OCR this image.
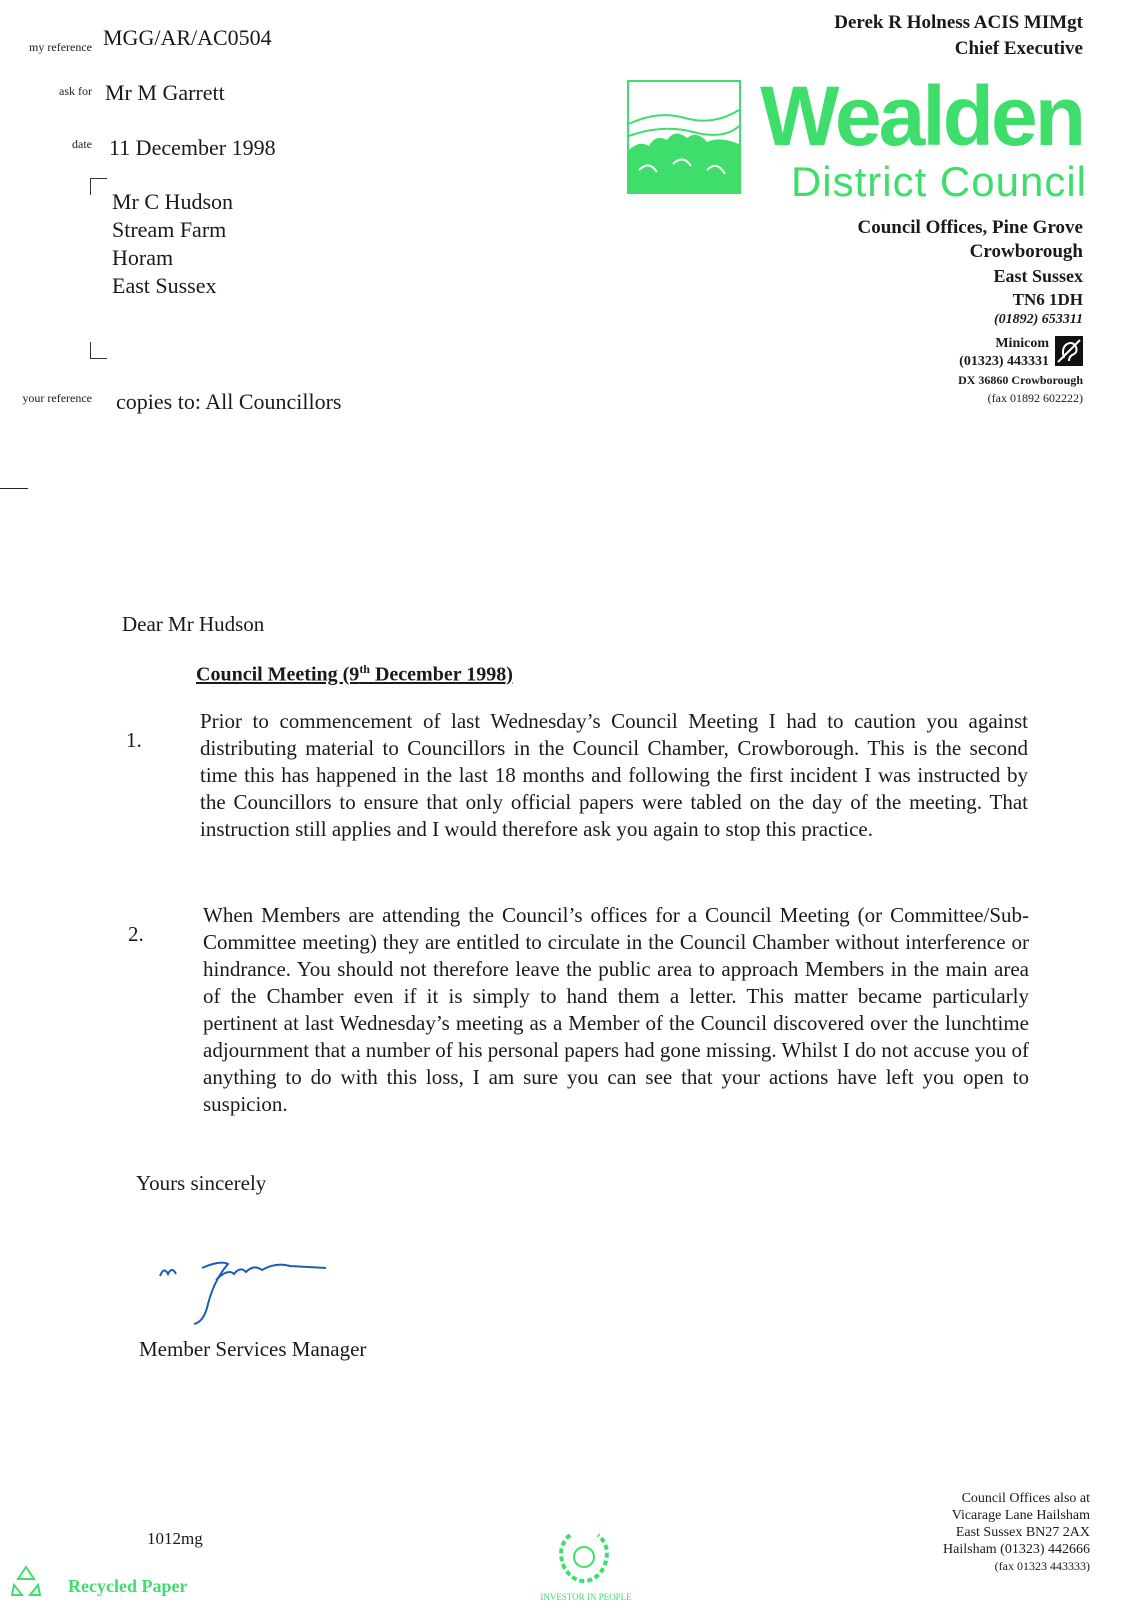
my reference MGG/AR/AC0504
ask for Mr M Garrett
date 11 December 1998
Mr C Hudson
Stream Farm
Horam
East Sussex
your reference copies to: All Councillors
Derek R Holness ACIS MIMgt
Chief Executive
Wealden
District Council
Council Offices, Pine Grove
Crowborough
East Sussex
TN6 1DH
(01892) 653311
Minicom
(01323) 443331
DX 36860 Crowborough
(fax 01892 602222)
Dear Mr Hudson
Council Meeting (9th December 1998)
1.
Prior to commencement of last Wednesday’s Council Meeting I had to caution you against distributing material to Councillors in the Council Chamber, Crowborough. This is the second time this has happened in the last 18 months and following the first incident I was instructed by the Councillors to ensure that only official papers were tabled on the day of the meeting. That instruction still applies and I would therefore ask you again to stop this practice.
2.
When Members are attending the Council’s offices for a Council Meeting (or Committee/Sub-Committee meeting) they are entitled to circulate in the Council Chamber without interference or hindrance. You should not therefore leave the public area to approach Members in the main area of the Chamber even if it is simply to hand them a letter. This matter became particularly pertinent at last Wednesday’s meeting as a Member of the Council discovered over the lunchtime adjournment that a number of his personal papers had gone missing. Whilst I do not accuse you of anything to do with this loss, I am sure you can see that your actions have left you open to suspicion.
Yours sincerely
Member Services Manager
1012mg
Recycled Paper
INVESTOR IN PEOPLE
Council Offices also at
Vicarage Lane Hailsham
East Sussex BN27 2AX
Hailsham (01323) 442666
(fax 01323 443333)
